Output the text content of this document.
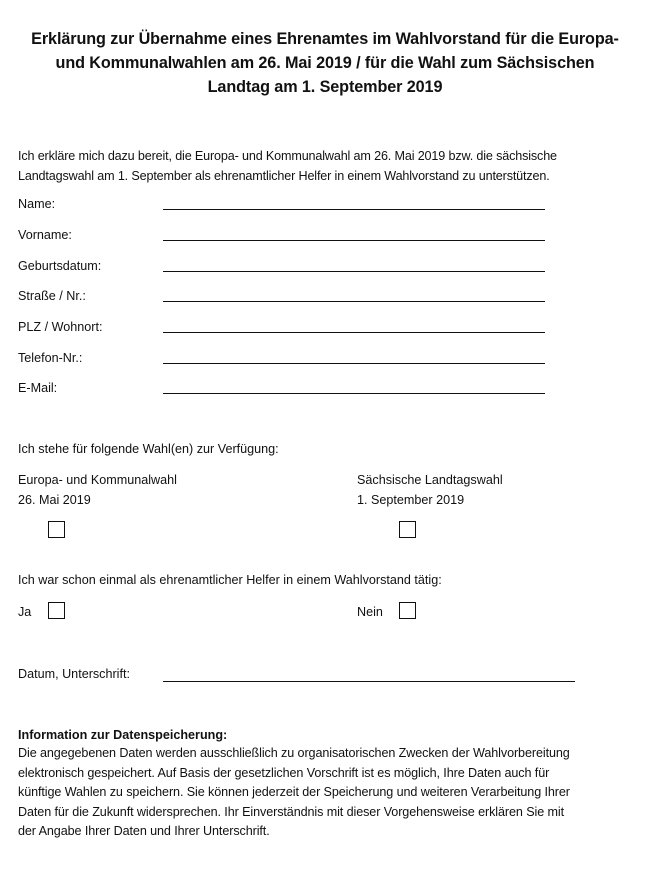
Erklärung zur Übernahme eines Ehrenamtes im Wahlvorstand für die Europa-
und Kommunalwahlen am 26. Mai 2019 / für die Wahl zum Sächsischen
Landtag am 1. September 2019
Ich erkläre mich dazu bereit, die Europa- und Kommunalwahl am 26. Mai 2019 bzw. die sächsische
Landtagswahl am 1. September als ehrenamtlicher Helfer in einem Wahlvorstand zu unterstützen.
Name:
Vorname:
Geburtsdatum:
Straße / Nr.:
PLZ / Wohnort:
Telefon-Nr.:
E-Mail:
Ich stehe für folgende Wahl(en) zur Verfügung:
Europa- und Kommunalwahl
26. Mai 2019
Sächsische Landtagswahl
1. September 2019
Ich war schon einmal als ehrenamtlicher Helfer in einem Wahlvorstand tätig:
Ja	Nein
Datum, Unterschrift:
Information zur Datenspeicherung:
Die angegebenen Daten werden ausschließlich zu organisatorischen Zwecken der Wahlvorbereitung
elektronisch gespeichert. Auf Basis der gesetzlichen Vorschrift ist es möglich, Ihre Daten auch für
künftige Wahlen zu speichern. Sie können jederzeit der Speicherung und weiteren Verarbeitung Ihrer
Daten für die Zukunft widersprechen. Ihr Einverständnis mit dieser Vorgehensweise erklären Sie mit
der Angabe Ihrer Daten und Ihrer Unterschrift.
